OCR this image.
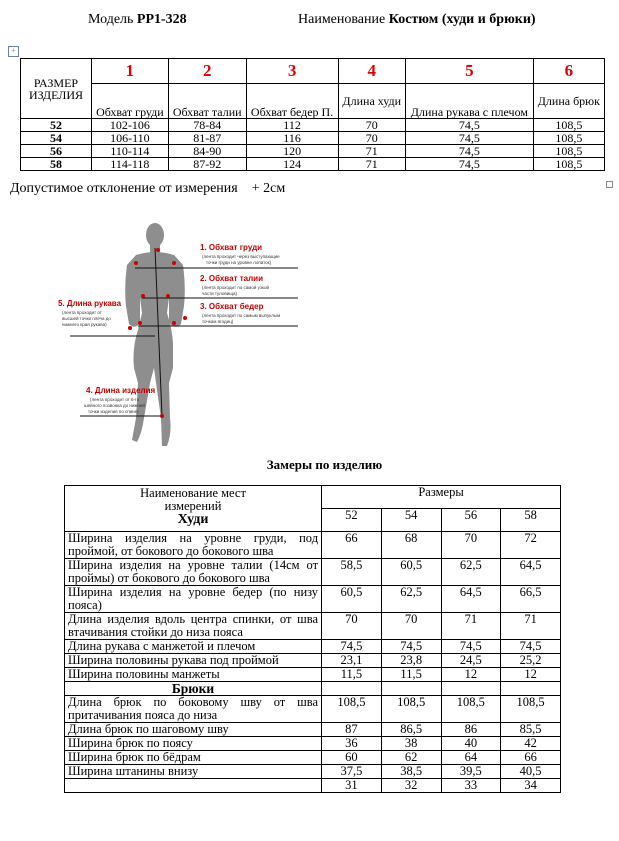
Модель PP1-328	Наименование Костюм (худи и брюки)
+
РАЗМЕР ИЗДЕЛИЯ	1	2	3	4	5	6
	Обхват груди	Обхват талии	Обхват бедер П.	Длина худи	Длина рукава с плечом	Длина брюк
52	102-106	78-84	112	70	74,5	108,5
54	106-110	81-87	116	70	74,5	108,5
56	110-114	84-90	120	71	74,5	108,5
58	114-118	87-92	124	71	74,5	108,5
Допустимое отклонение от измерения + 2см
1. Обхват груди
(лента проходит через выступающие
точки груди на уровне лопаток)
2. Обхват талии
(лента проходит по самой узкой
части туловища)
3. Обхват бедер
(лента проходит по самым выпуклым
точкам ягодиц)
5. Длина рукава
(лента проходит от
высшей точки плеча до
нижнего края рукава)
4. Длина изделия
(лента проходит от 6-го
шейного позвонка до нижней
точки изделия по спине)
Замеры по изделию
Наименование мест измерений
Худи	Размеры			
	52	54	56	58
Ширина изделия на уровне груди, под проймой, от бокового до бокового шва	66	68	70	72
Ширина изделия на уровне талии (14см от проймы) от бокового до бокового шва	58,5	60,5	62,5	64,5
Ширина изделия на уровне бедер (по низу пояса)	60,5	62,5	64,5	66,5
Длина изделия вдоль центра спинки, от шва втачивания стойки до низа пояса	70	70	71	71
Длина рукава с манжетой и плечом	74,5	74,5	74,5	74,5
Ширина половины рукава под проймой	23,1	23,8	24,5	25,2
Ширина половины манжеты	11,5	11,5	12	12
Брюки				
Длина брюк по боковому шву от шва притачивания пояса до низа	108,5	108,5	108,5	108,5
Длина брюк по шаговому шву	87	86,5	86	85,5
Ширина брюк по поясу	36	38	40	42
Ширина брюк по бёдрам	60	62	64	66
Ширина штанины внизу	37,5	38,5	39,5	40,5
	31	32	33	34
